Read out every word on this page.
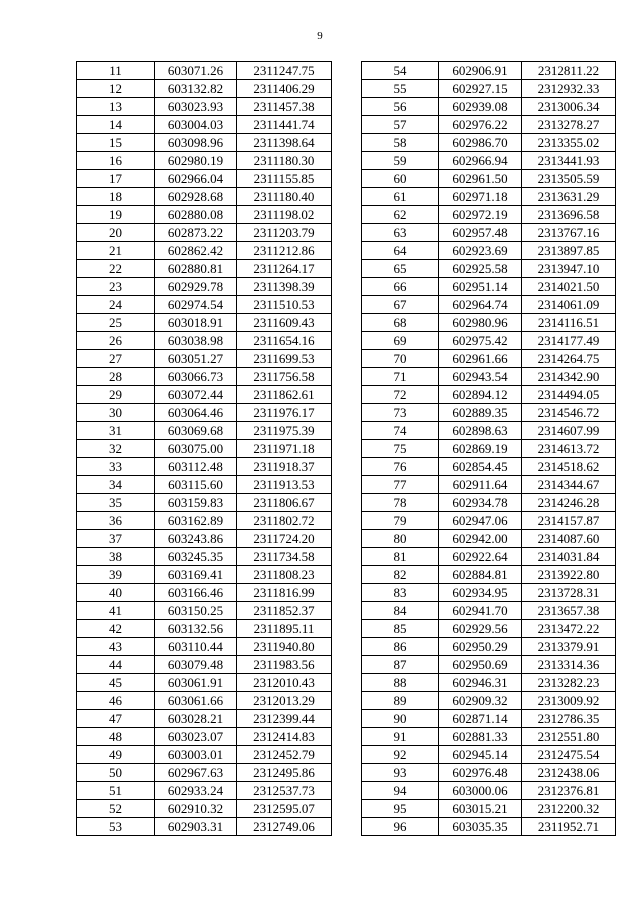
9
11	603071.26	2311247.75
12	603132.82	2311406.29
13	603023.93	2311457.38
14	603004.03	2311441.74
15	603098.96	2311398.64
16	602980.19	2311180.30
17	602966.04	2311155.85
18	602928.68	2311180.40
19	602880.08	2311198.02
20	602873.22	2311203.79
21	602862.42	2311212.86
22	602880.81	2311264.17
23	602929.78	2311398.39
24	602974.54	2311510.53
25	603018.91	2311609.43
26	603038.98	2311654.16
27	603051.27	2311699.53
28	603066.73	2311756.58
29	603072.44	2311862.61
30	603064.46	2311976.17
31	603069.68	2311975.39
32	603075.00	2311971.18
33	603112.48	2311918.37
34	603115.60	2311913.53
35	603159.83	2311806.67
36	603162.89	2311802.72
37	603243.86	2311724.20
38	603245.35	2311734.58
39	603169.41	2311808.23
40	603166.46	2311816.99
41	603150.25	2311852.37
42	603132.56	2311895.11
43	603110.44	2311940.80
44	603079.48	2311983.56
45	603061.91	2312010.43
46	603061.66	2312013.29
47	603028.21	2312399.44
48	603023.07	2312414.83
49	603003.01	2312452.79
50	602967.63	2312495.86
51	602933.24	2312537.73
52	602910.32	2312595.07
53	602903.31	2312749.06
54	602906.91	2312811.22
55	602927.15	2312932.33
56	602939.08	2313006.34
57	602976.22	2313278.27
58	602986.70	2313355.02
59	602966.94	2313441.93
60	602961.50	2313505.59
61	602971.18	2313631.29
62	602972.19	2313696.58
63	602957.48	2313767.16
64	602923.69	2313897.85
65	602925.58	2313947.10
66	602951.14	2314021.50
67	602964.74	2314061.09
68	602980.96	2314116.51
69	602975.42	2314177.49
70	602961.66	2314264.75
71	602943.54	2314342.90
72	602894.12	2314494.05
73	602889.35	2314546.72
74	602898.63	2314607.99
75	602869.19	2314613.72
76	602854.45	2314518.62
77	602911.64	2314344.67
78	602934.78	2314246.28
79	602947.06	2314157.87
80	602942.00	2314087.60
81	602922.64	2314031.84
82	602884.81	2313922.80
83	602934.95	2313728.31
84	602941.70	2313657.38
85	602929.56	2313472.22
86	602950.29	2313379.91
87	602950.69	2313314.36
88	602946.31	2313282.23
89	602909.32	2313009.92
90	602871.14	2312786.35
91	602881.33	2312551.80
92	602945.14	2312475.54
93	602976.48	2312438.06
94	603000.06	2312376.81
95	603015.21	2312200.32
96	603035.35	2311952.71
